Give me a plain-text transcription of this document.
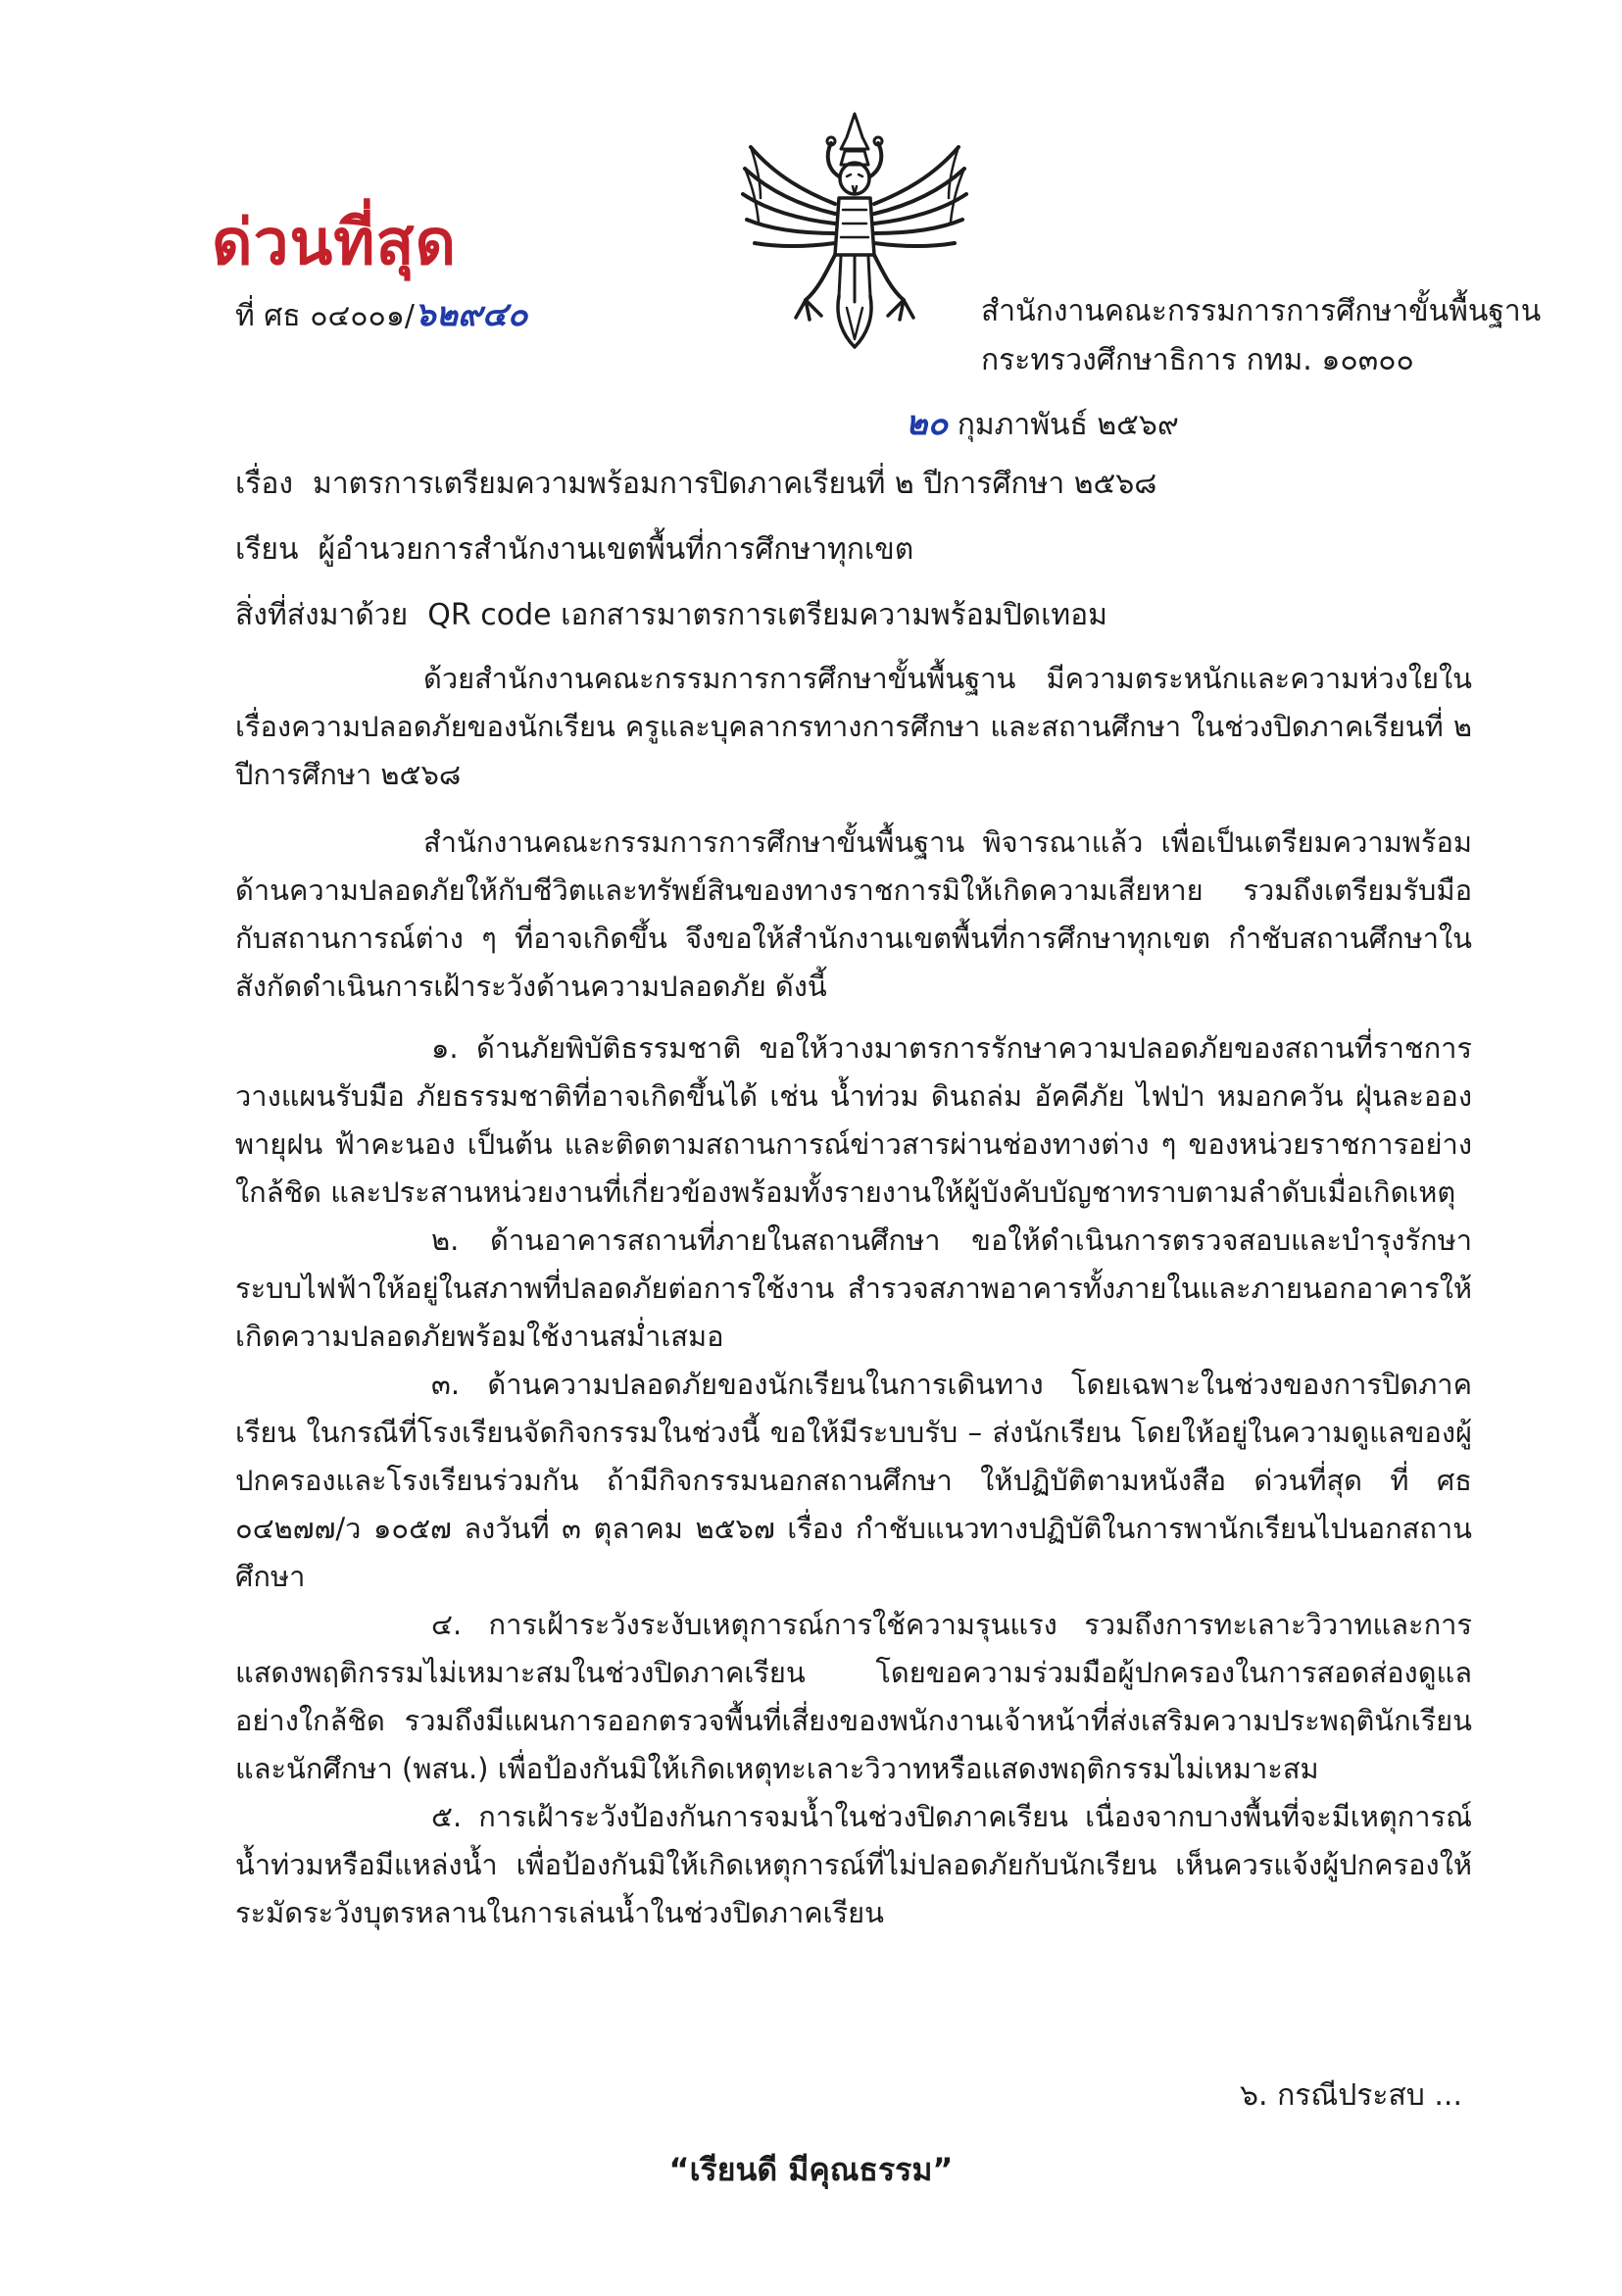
ด่วนที่สุด
ที่ ศธ ๐๔๐๐๑/๖๒๙๔๐	สำนักงานคณะกรรมการการศึกษาขั้นพื้นฐาน
กระทรวงศึกษาธิการ กทม. ๑๐๓๐๐
๒๐ กุมภาพันธ์ ๒๕๖๙
เรื่อง มาตรการเตรียมความพร้อมการปิดภาคเรียนที่ ๒ ปีการศึกษา ๒๕๖๘
เรียน ผู้อำนวยการสำนักงานเขตพื้นที่การศึกษาทุกเขต
สิ่งที่ส่งมาด้วย QR code เอกสารมาตรการเตรียมความพร้อมปิดเทอม

ด้วยสำนักงานคณะกรรมการการศึกษาขั้นพื้นฐาน มีความตระหนักและความห่วงใยในเรื่องความปลอดภัยของนักเรียน ครูและบุคลากรทางการศึกษา และสถานศึกษา ในช่วงปิดภาคเรียนที่ ๒ ปีการศึกษา ๒๕๖๘

สำนักงานคณะกรรมการการศึกษาขั้นพื้นฐาน พิจารณาแล้ว เพื่อเป็นเตรียมความพร้อมด้านความปลอดภัยให้กับชีวิตและทรัพย์สินของทางราชการมิให้เกิดความเสียหาย รวมถึงเตรียมรับมือกับสถานการณ์ต่าง ๆ ที่อาจเกิดขึ้น จึงขอให้สำนักงานเขตพื้นที่การศึกษาทุกเขต กำชับสถานศึกษาในสังกัดดำเนินการเฝ้าระวังด้านความปลอดภัย ดังนี้

๑. ด้านภัยพิบัติธรรมชาติ ขอให้วางมาตรการรักษาความปลอดภัยของสถานที่ราชการ วางแผนรับมือ ภัยธรรมชาติที่อาจเกิดขึ้นได้ เช่น น้ำท่วม ดินถล่ม อัคคีภัย ไฟป่า หมอกควัน ฝุ่นละออง พายุฝน ฟ้าคะนอง เป็นต้น และติดตามสถานการณ์ข่าวสารผ่านช่องทางต่าง ๆ ของหน่วยราชการอย่างใกล้ชิด และประสานหน่วยงานที่เกี่ยวข้องพร้อมทั้งรายงานให้ผู้บังคับบัญชาทราบตามลำดับเมื่อเกิดเหตุ

๒. ด้านอาคารสถานที่ภายในสถานศึกษา ขอให้ดำเนินการตรวจสอบและบำรุงรักษาระบบไฟฟ้าให้อยู่ในสภาพที่ปลอดภัยต่อการใช้งาน สำรวจสภาพอาคารทั้งภายในและภายนอกอาคารให้เกิดความปลอดภัยพร้อมใช้งานสม่ำเสมอ

๓. ด้านความปลอดภัยของนักเรียนในการเดินทาง โดยเฉพาะในช่วงของการปิดภาคเรียน ในกรณีที่โรงเรียนจัดกิจกรรมในช่วงนี้ ขอให้มีระบบรับ – ส่งนักเรียน โดยให้อยู่ในความดูแลของผู้ปกครองและโรงเรียนร่วมกัน ถ้ามีกิจกรรมนอกสถานศึกษา ให้ปฏิบัติตามหนังสือ ด่วนที่สุด ที่ ศธ ๐๔๒๗๗/ว ๑๐๕๗ ลงวันที่ ๓ ตุลาคม ๒๕๖๗ เรื่อง กำชับแนวทางปฏิบัติในการพานักเรียนไปนอกสถานศึกษา

๔. การเฝ้าระวังระงับเหตุการณ์การใช้ความรุนแรง รวมถึงการทะเลาะวิวาทและการแสดงพฤติกรรมไม่เหมาะสมในช่วงปิดภาคเรียน โดยขอความร่วมมือผู้ปกครองในการสอดส่องดูแลอย่างใกล้ชิด รวมถึงมีแผนการออกตรวจพื้นที่เสี่ยงของพนักงานเจ้าหน้าที่ส่งเสริมความประพฤตินักเรียนและนักศึกษา (พสน.) เพื่อป้องกันมิให้เกิดเหตุทะเลาะวิวาทหรือแสดงพฤติกรรมไม่เหมาะสม

๕. การเฝ้าระวังป้องกันการจมน้ำในช่วงปิดภาคเรียน เนื่องจากบางพื้นที่จะมีเหตุการณ์น้ำท่วมหรือมีแหล่งน้ำ เพื่อป้องกันมิให้เกิดเหตุการณ์ที่ไม่ปลอดภัยกับนักเรียน เห็นควรแจ้งผู้ปกครองให้ระมัดระวังบุตรหลานในการเล่นน้ำในช่วงปิดภาคเรียน

๖. กรณีประสบ ...
“เรียนดี มีคุณธรรม”
